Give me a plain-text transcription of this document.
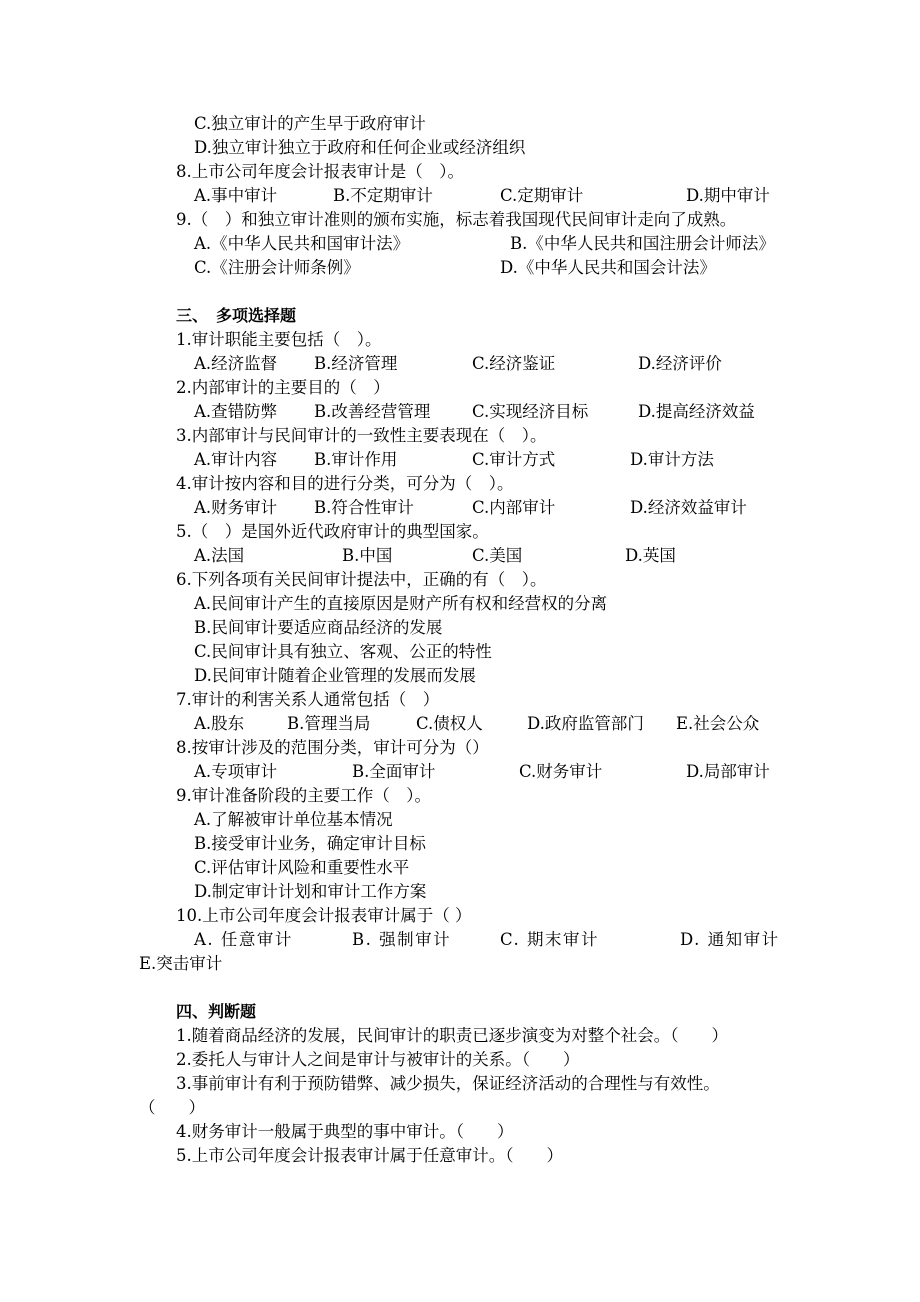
C.独立审计的产生早于政府审计
D.独立审计独立于政府和任何企业或经济组织
8.上市公司年度会计报表审计是（　）。
A.事中审计	B.不定期审计	C.定期审计	D.期中审计
9.（　）和独立审计准则的颁布实施，标志着我国现代民间审计走向了成熟。
A.《中华人民共和国审计法》	B.《中华人民共和国注册会计师法》
C.《注册会计师条例》	D.《中华人民共和国会计法》
三、　多项选择题
1.审计职能主要包括（　）。
A.经济监督 B.经济管理	C.经济鉴证	D.经济评价
2.内部审计的主要目的（　）
A.查错防弊 B.改善经营管理	C.实现经济目标	D.提高经济效益
3.内部审计与民间审计的一致性主要表现在（　）。
A.审计内容 B.审计作用	C.审计方式	D.审计方法
4.审计按内容和目的进行分类，可分为（　）。
A.财务审计 B.符合性审计	C.内部审计	D.经济效益审计
5.（　）是国外近代政府审计的典型国家。
A.法国	B.中国	C.美国	D.英国
6.下列各项有关民间审计提法中，正确的有（　）。
A.民间审计产生的直接原因是财产所有权和经营权的分离
B.民间审计要适应商品经济的发展
C.民间审计具有独立、客观、公正的特性
D.民间审计随着企业管理的发展而发展
7.审计的利害关系人通常包括（　）
A.股东	B.管理当局	C.债权人	D.政府监管部门 E.社会公众
8.按审计涉及的范围分类，审计可分为（）
A.专项审计	B.全面审计	C.财务审计	D.局部审计
9.审计准备阶段的主要工作（　）。
A.了解被审计单位基本情况
B.接受审计业务，确定审计目标
C.评估审计风险和重要性水平
D.制定审计计划和审计工作方案
10.上市公司年度会计报表审计属于（ ）
A. 任意审计	B. 强制审计	C. 期末审计	D. 通知审计
E.突击审计
四、判断题
1.随着商品经济的发展，民间审计的职责已逐步演变为对整个社会。（　　）
2.委托人与审计人之间是审计与被审计的关系。（　　）
3.事前审计有利于预防错弊、减少损失，保证经济活动的合理性与有效性。
（　　）
4.财务审计一般属于典型的事中审计。（　　）
5.上市公司年度会计报表审计属于任意审计。（　　）
